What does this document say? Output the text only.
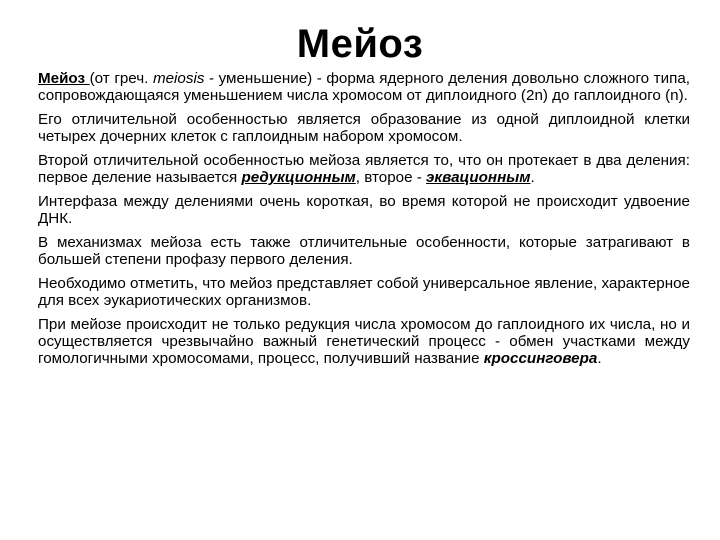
Мейоз

Мейоз (от греч. meiosis - уменьшение) - форма ядерного деления довольно сложного типа, сопровождающаяся уменьшением числа хромосом от диплоидного (2n) до гаплоидного (n).

Его отличительной особенностью является образование из одной диплоидной клетки четырех дочерних клеток с гаплоидным набором хромосом.

Второй отличительной особенностью мейоза является то, что он протекает в два деления: первое деление называется редукционным, второе - эквационным.

Интерфаза между делениями очень короткая, во время которой не происходит удвоение ДНК.

В механизмах мейоза есть также отличительные особенности, которые затрагивают в большей степени профазу первого деления.

Необходимо отметить, что мейоз представляет собой универсальное явление, характерное для всех эукариотических организмов.

При мейозе происходит не только редукция числа хромосом до гаплоидного их числа, но и осуществляется чрезвычайно важный генетический процесс - обмен участками между гомологичными хромосомами, процесс, получивший название кроссинговера.
